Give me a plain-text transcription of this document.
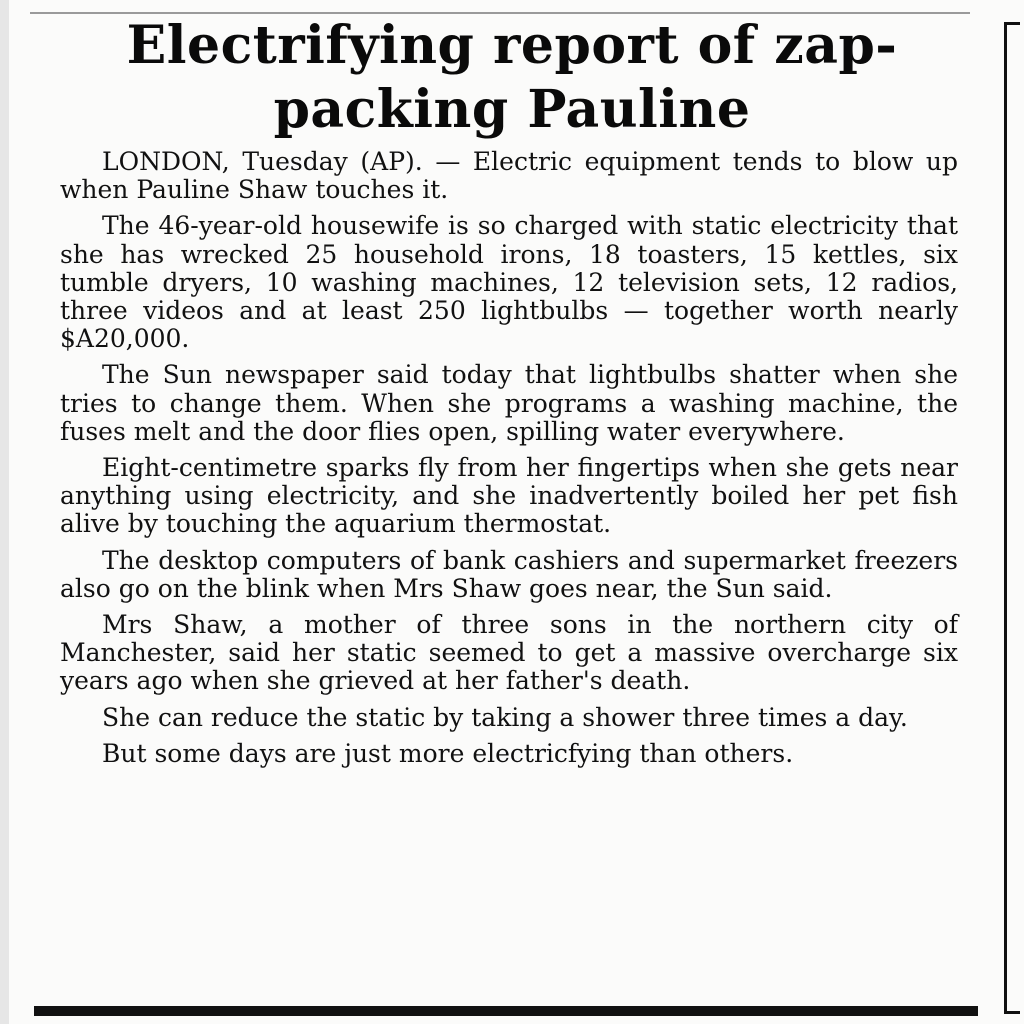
Electrifying report of zap-packing Pauline

LONDON, Tuesday (AP). — Electric equipment tends to blow up when Pauline Shaw touches it.

The 46-year-old housewife is so charged with static electricity that she has wrecked 25 household irons, 18 toasters, 15 kettles, six tumble dryers, 10 washing machines, 12 television sets, 12 radios, three videos and at least 250 lightbulbs — together worth nearly $A20,000.

The Sun newspaper said today that lightbulbs shatter when she tries to change them. When she programs a washing machine, the fuses melt and the door flies open, spilling water everywhere.

Eight-centimetre sparks fly from her fingertips when she gets near anything using electricity, and she inadvertently boiled her pet fish alive by touching the aquarium thermostat.

The desktop computers of bank cashiers and supermarket freezers also go on the blink when Mrs Shaw goes near, the Sun said.

Mrs Shaw, a mother of three sons in the northern city of Manchester, said her static seemed to get a massive overcharge six years ago when she grieved at her father's death.

She can reduce the static by taking a shower three times a day.

But some days are just more electricfying than others.
